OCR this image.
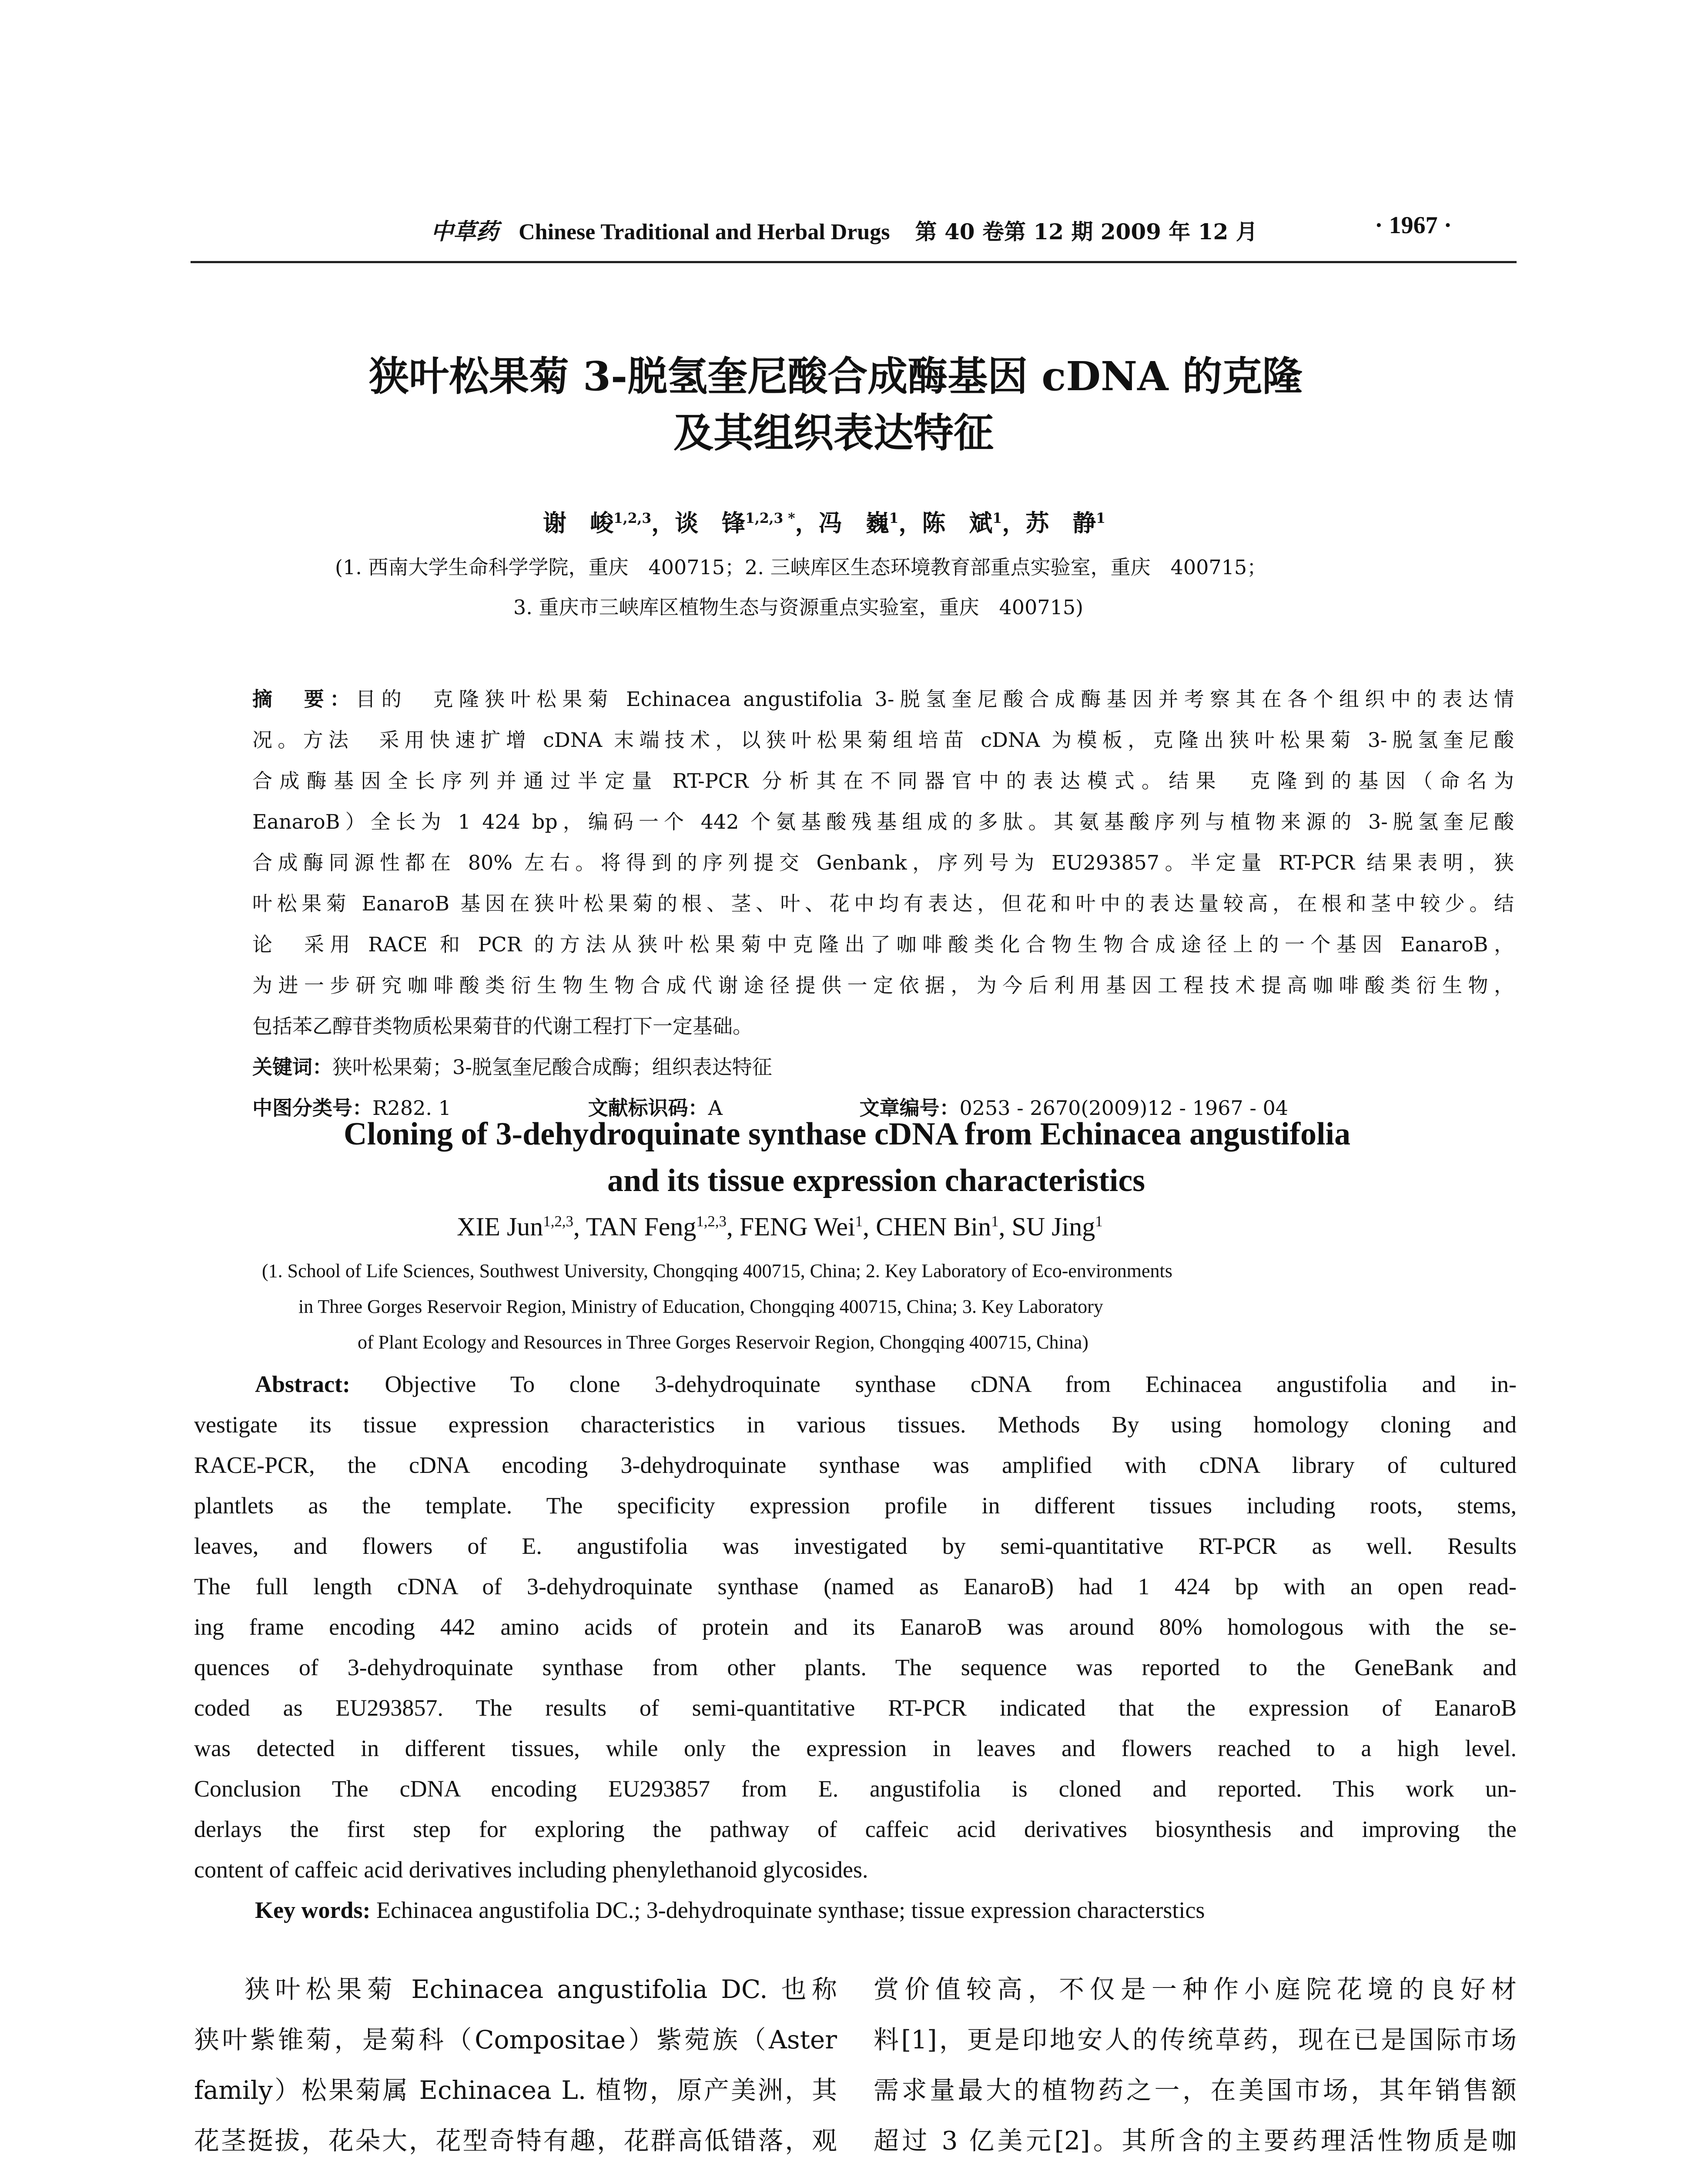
中草药 Chinese Traditional and Herbal Drugs 第 40 卷第 12 期 2009 年 12 月	· 1967 ·
狭叶松果菊 3-脱氢奎尼酸合成酶基因 cDNA 的克隆
及其组织表达特征
谢　峻$^{1,2,3}$，谈　锋$^{1,2,3 *}$，冯　巍$^1$，陈　斌$^1$，苏　静$^1$
(1. 西南大学生命科学学院，重庆　400715；2. 三峡库区生态环境教育部重点实验室，重庆　400715；
3. 重庆市三峡库区植物生态与资源重点实验室，重庆　400715)
摘　要：目的　克隆狭叶松果菊 Echinacea angustifolia 3-脱氢奎尼酸合成酶基因并考察其在各个组织中的表达情
况。方法　采用快速扩增 cDNA 末端技术，以狭叶松果菊组培苗 cDNA 为模板，克隆出狭叶松果菊 3-脱氢奎尼酸
合成酶基因全长序列并通过半定量 RT-PCR 分析其在不同器官中的表达模式。结果　克隆到的基因（命名为
EanaroB）全长为 1 424 bp，编码一个 442 个氨基酸残基组成的多肽。其氨基酸序列与植物来源的 3-脱氢奎尼酸
合成酶同源性都在 80% 左右。将得到的序列提交 Genbank，序列号为 EU293857。半定量 RT-PCR 结果表明，狭
叶松果菊 EanaroB 基因在狭叶松果菊的根、茎、叶、花中均有表达，但花和叶中的表达量较高，在根和茎中较少。结
论　采用 RACE 和 PCR 的方法从狭叶松果菊中克隆出了咖啡酸类化合物生物合成途径上的一个基因 EanaroB，
为进一步研究咖啡酸类衍生物生物合成代谢途径提供一定依据，为今后利用基因工程技术提高咖啡酸类衍生物，
包括苯乙醇苷类物质松果菊苷的代谢工程打下一定基础。
关键词：狭叶松果菊；3-脱氢奎尼酸合成酶；组织表达特征
中图分类号：R282. 1	文献标识码：A	文章编号：0253 - 2670(2009)12 - 1967 - 04
Cloning of 3-dehydroquinate synthase cDNA from Echinacea angustifolia
and its tissue expression characteristics
XIE Jun$^{1,2,3}$, TAN Feng$^{1,2,3}$, FENG Wei$^1$, CHEN Bin$^1$, SU Jing$^1$
(1. School of Life Sciences, Southwest University, Chongqing 400715, China; 2. Key Laboratory of Eco-environments
in Three Gorges Reservoir Region, Ministry of Education, Chongqing 400715, China; 3. Key Laboratory
of Plant Ecology and Resources in Three Gorges Reservoir Region, Chongqing 400715, China)
Abstract: Objective To clone 3-dehydroquinate synthase cDNA from Echinacea angustifolia and in-
vestigate its tissue expression characteristics in various tissues. Methods By using homology cloning and
RACE-PCR, the cDNA encoding 3-dehydroquinate synthase was amplified with cDNA library of cultured
plantlets as the template. The specificity expression profile in different tissues including roots, stems,
leaves, and flowers of E. angustifolia was investigated by semi-quantitative RT-PCR as well. Results
The full length cDNA of 3-dehydroquinate synthase (named as EanaroB) had 1 424 bp with an open read-
ing frame encoding 442 amino acids of protein and its EanaroB was around 80% homologous with the se-
quences of 3-dehydroquinate synthase from other plants. The sequence was reported to the GeneBank and
coded as EU293857. The results of semi-quantitative RT-PCR indicated that the expression of EanaroB
was detected in different tissues, while only the expression in leaves and flowers reached to a high level.
Conclusion The cDNA encoding EU293857 from E. angustifolia is cloned and reported. This work un-
derlays the first step for exploring the pathway of caffeic acid derivatives biosynthesis and improving the
content of caffeic acid derivatives including phenylethanoid glycosides.
Key words: Echinacea angustifolia DC.; 3-dehydroquinate synthase; tissue expression characterstics
狭叶松果菊 Echinacea angustifolia DC. 也称
狭叶紫锥菊，是菊科（Compositae）紫菀族（Aster
family）松果菊属 Echinacea L. 植物，原产美洲，其
花茎挺拔，花朵大，花型奇特有趣，花群高低错落，观
赏价值较高，不仅是一种作小庭院花境的良好材
料[1]，更是印地安人的传统草药，现在已是国际市场
需求量最大的植物药之一，在美国市场，其年销售额
超过 3 亿美元[2]。其所含的主要药理活性物质是咖
